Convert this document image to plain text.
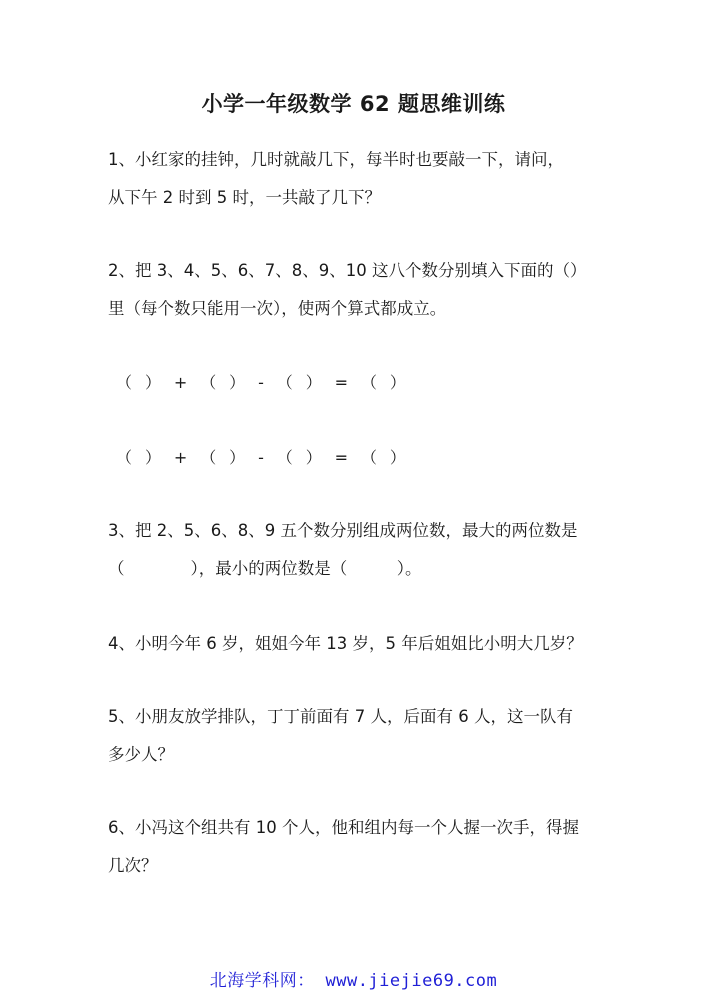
小学一年级数学 62 题思维训练
1、小红家的挂钟，几时就敲几下，每半时也要敲一下，请问，
从下午 2 时到 5 时，一共敲了几下？
2、把 3、4、5、6、7、8、9、10 这八个数分别填入下面的（）
里（每个数只能用一次），使两个算式都成立。
（ ） + （ ） - （ ） = （ ）
（ ） + （ ） - （ ） = （ ）
3、把 2、5、6、8、9 五个数分别组成两位数，最大的两位数是
（　　　　），最小的两位数是（　　　）。
4、小明今年 6 岁，姐姐今年 13 岁，5 年后姐姐比小明大几岁？
5、小朋友放学排队，丁丁前面有 7 人，后面有 6 人，这一队有
多少人？
6、小冯这个组共有 10 个人，他和组内每一个人握一次手，得握
几次？
北海学科网： www.jiejie69.com
